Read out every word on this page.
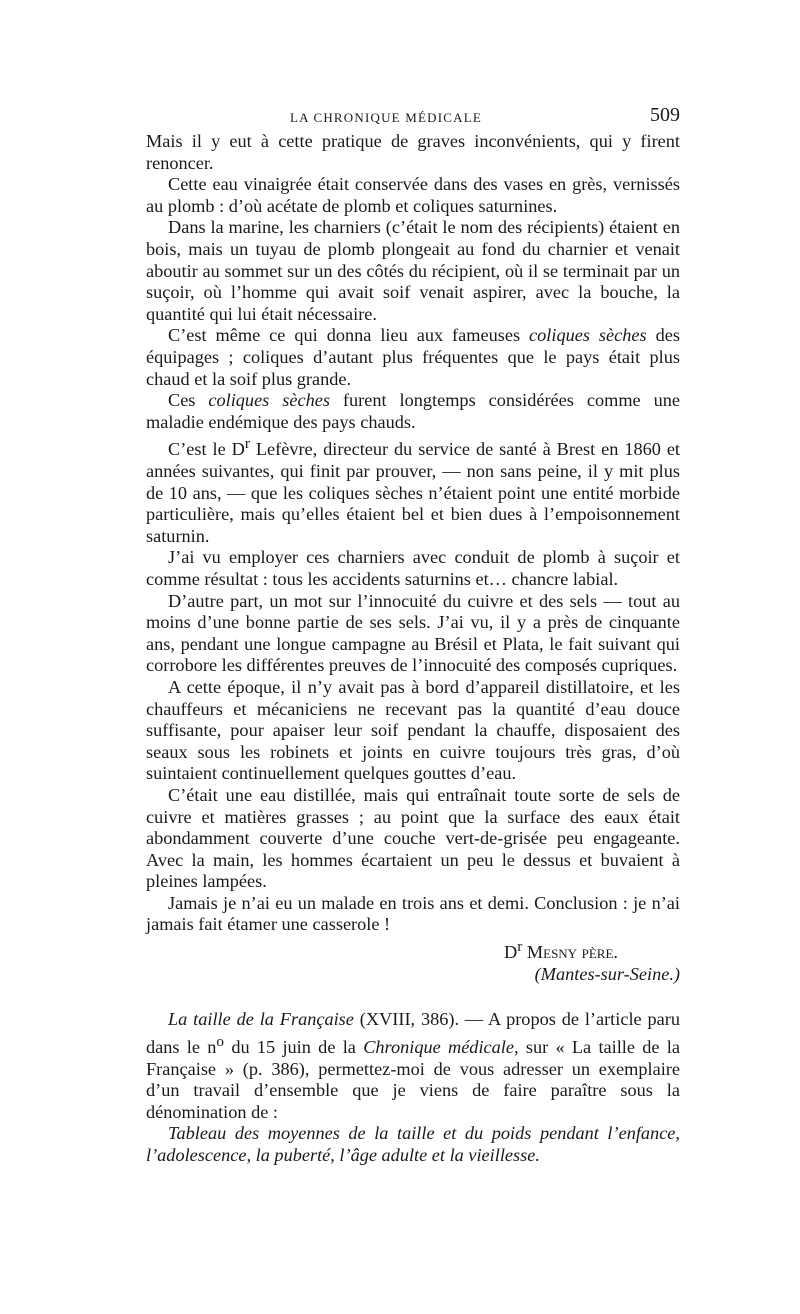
LA CHRONIQUE MÉDICALE	509

Mais il y eut à cette pratique de graves inconvénients, qui y firent renoncer.

Cette eau vinaigrée était conservée dans des vases en grès, vernissés au plomb : d’où acétate de plomb et coliques saturnines.

Dans la marine, les charniers (c’était le nom des récipients) étaient en bois, mais un tuyau de plomb plongeait au fond du charnier et venait aboutir au sommet sur un des côtés du récipient, où il se terminait par un suçoir, où l’homme qui avait soif venait aspirer, avec la bouche, la quantité qui lui était nécessaire.

C’est même ce qui donna lieu aux fameuses coliques sèches des équipages ; coliques d’autant plus fréquentes que le pays était plus chaud et la soif plus grande.

Ces coliques sèches furent longtemps considérées comme une maladie endémique des pays chauds.

C’est le $D^r$ Lefèvre, directeur du service de santé à Brest en 1860 et années suivantes, qui finit par prouver, — non sans peine, il y mit plus de 10 ans, — que les coliques sèches n’étaient point une entité morbide particulière, mais qu’elles étaient bel et bien dues à l’empoisonnement saturnin.

J’ai vu employer ces charniers avec conduit de plomb à suçoir et comme résultat : tous les accidents saturnins et… chancre labial.

D’autre part, un mot sur l’innocuité du cuivre et des sels — tout au moins d’une bonne partie de ses sels. J’ai vu, il y a près de cinquante ans, pendant une longue campagne au Brésil et Plata, le fait suivant qui corrobore les différentes preuves de l’innocuité des composés cupriques.

A cette époque, il n’y avait pas à bord d’appareil distillatoire, et les chauffeurs et mécaniciens ne recevant pas la quantité d’eau douce suffisante, pour apaiser leur soif pendant la chauffe, disposaient des seaux sous les robinets et joints en cuivre toujours très gras, d’où suintaient continuellement quelques gouttes d’eau.

C’était une eau distillée, mais qui entraînait toute sorte de sels de cuivre et matières grasses ; au point que la surface des eaux était abondamment couverte d’une couche vert-de-grisée peu engageante. Avec la main, les hommes écartaient un peu le dessus et buvaient à pleines lampées.

Jamais je n’ai eu un malade en trois ans et demi. Conclusion : je n’ai jamais fait étamer une casserole !

$D^r$ Mesny père.

(Mantes-sur-Seine.)

La taille de la Française (XVIII, 386). — A propos de l’article paru dans le $n^o$ du 15 juin de la Chronique médicale, sur « La taille de la Française » (p. 386), permettez-moi de vous adresser un exemplaire d’un travail d’ensemble que je viens de faire paraître sous la dénomination de :

Tableau des moyennes de la taille et du poids pendant l’enfance, l’adolescence, la puberté, l’âge adulte et la vieillesse.
